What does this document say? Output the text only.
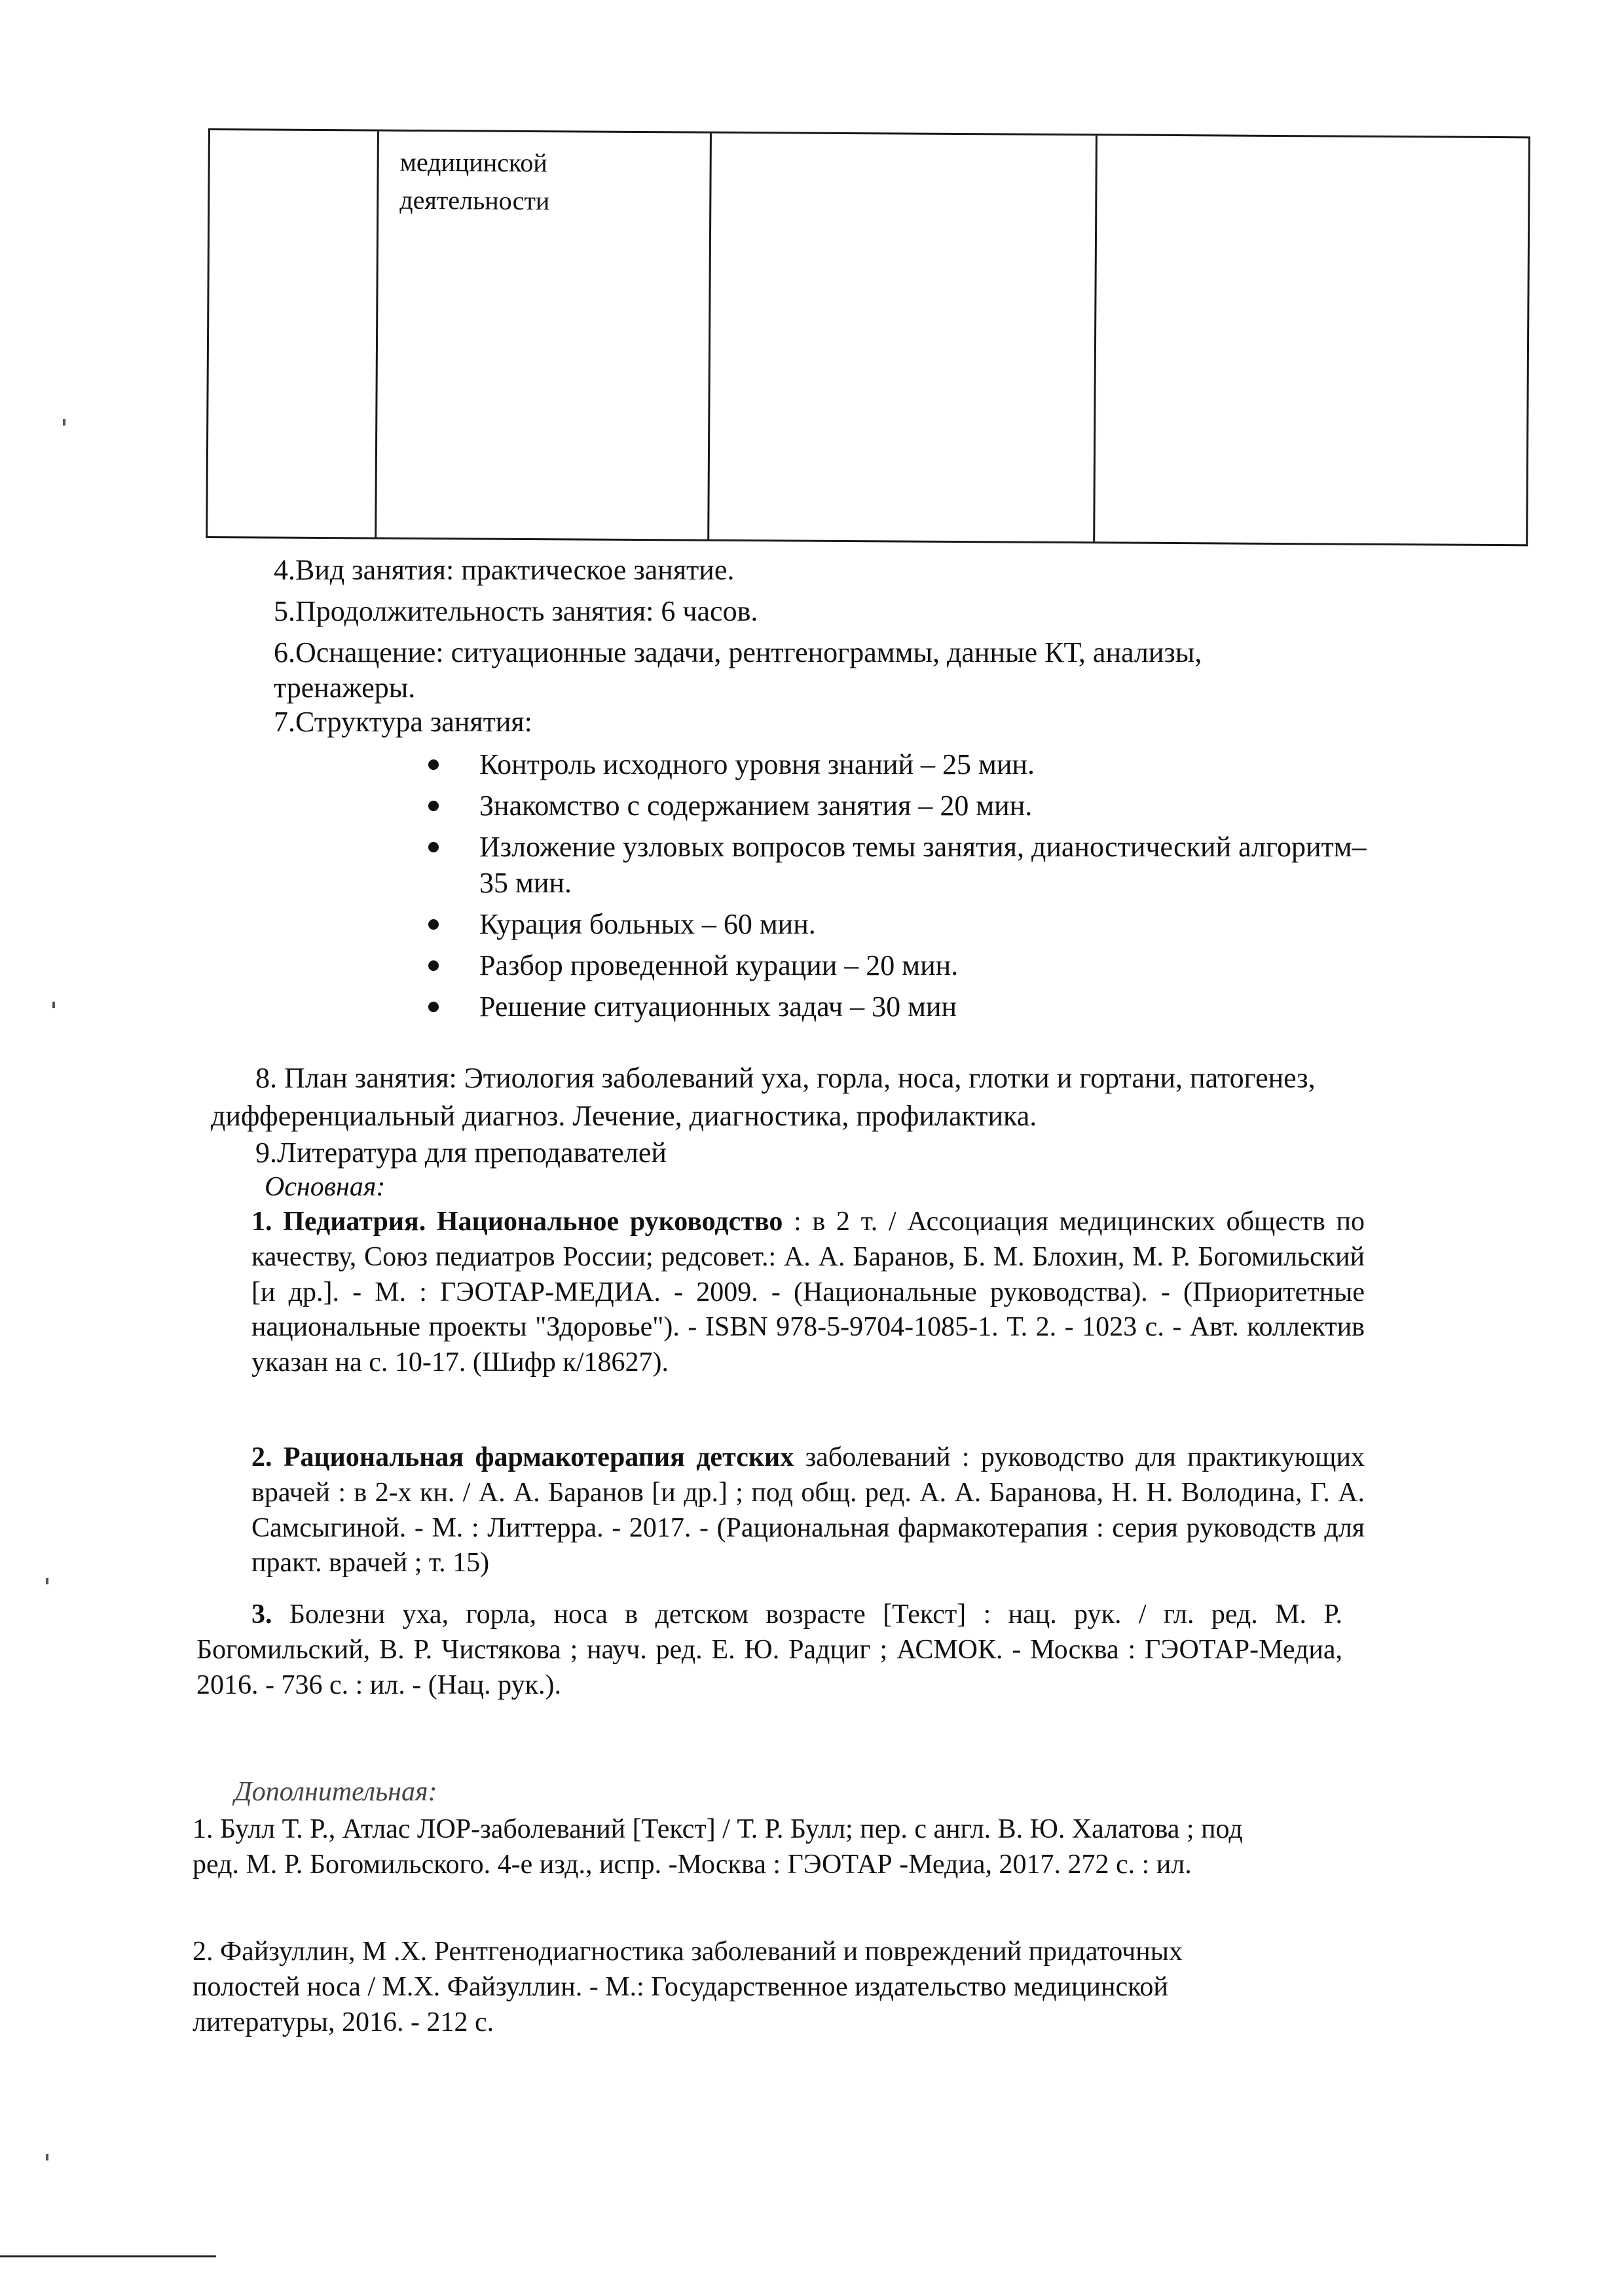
медицинской
деятельности
4.Вид занятия: практическое занятие.
5.Продолжительность занятия: 6 часов.
6.Оснащение: ситуационные задачи, рентгенограммы, данные КТ, анализы,
тренажеры.
7.Структура занятия:
Контроль исходного уровня знаний – 25 мин.
Знакомство с содержанием занятия – 20 мин.
Изложение узловых вопросов темы занятия, дианостический алгоритм–
35 мин.
Курация больных – 60 мин.
Разбор проведенной курации – 20 мин.
Решение ситуационных задач – 30 мин
8. План занятия: Этиология заболеваний уха, горла, носа, глотки и гортани, патогенез,
дифференциальный диагноз. Лечение, диагностика, профилактика.
9.Литература для преподавателей
Основная:
1. Педиатрия. Национальное руководство : в 2 т. / Ассоциация медицинских обществ по качеству, Союз педиатров России; редсовет.: А. А. Баранов, Б. М. Блохин, М. Р. Богомильский [и др.]. - М. : ГЭОТАР-МЕДИА. - 2009. - (Национальные руководства). - (Приоритетные национальные проекты "Здоровье"). - ISBN 978-5-9704-1085-1. Т. 2. - 1023 с. - Авт. коллектив указан на с. 10-17. (Шифр к/18627).
2. Рациональная фармакотерапия детских заболеваний : руководство для практикующих врачей : в 2-х кн. / А. А. Баранов [и др.] ; под общ. ред. А. А. Баранова, Н. Н. Володина, Г. А. Самсыгиной. - М. : Литтерра. - 2017. - (Рациональная фармакотерапия : серия руководств для практ. врачей ; т. 15)
3. Болезни уха, горла, носа в детском возрасте [Текст] : нац. рук. / гл. ред. М. Р. Богомильский, В. Р. Чистякова ; науч. ред. Е. Ю. Радциг ; АСМОК. - Москва : ГЭОТАР-Медиа, 2016. - 736 с. : ил. - (Нац. рук.).
Дополнительная:
1. Булл Т. Р., Атлас ЛОР-заболеваний [Текст] / Т. Р. Булл; пер. с англ. В. Ю. Халатова ; под ред. М. Р. Богомильского. 4-е изд., испр. -Москва : ГЭОТАР -Медиа, 2017. 272 с. : ил.
2. Файзуллин, М .Х. Рентгенодиагностика заболеваний и повреждений придаточных полостей носа / М.Х. Файзуллин. - М.: Государственное издательство медицинской литературы, 2016. - 212 с.
